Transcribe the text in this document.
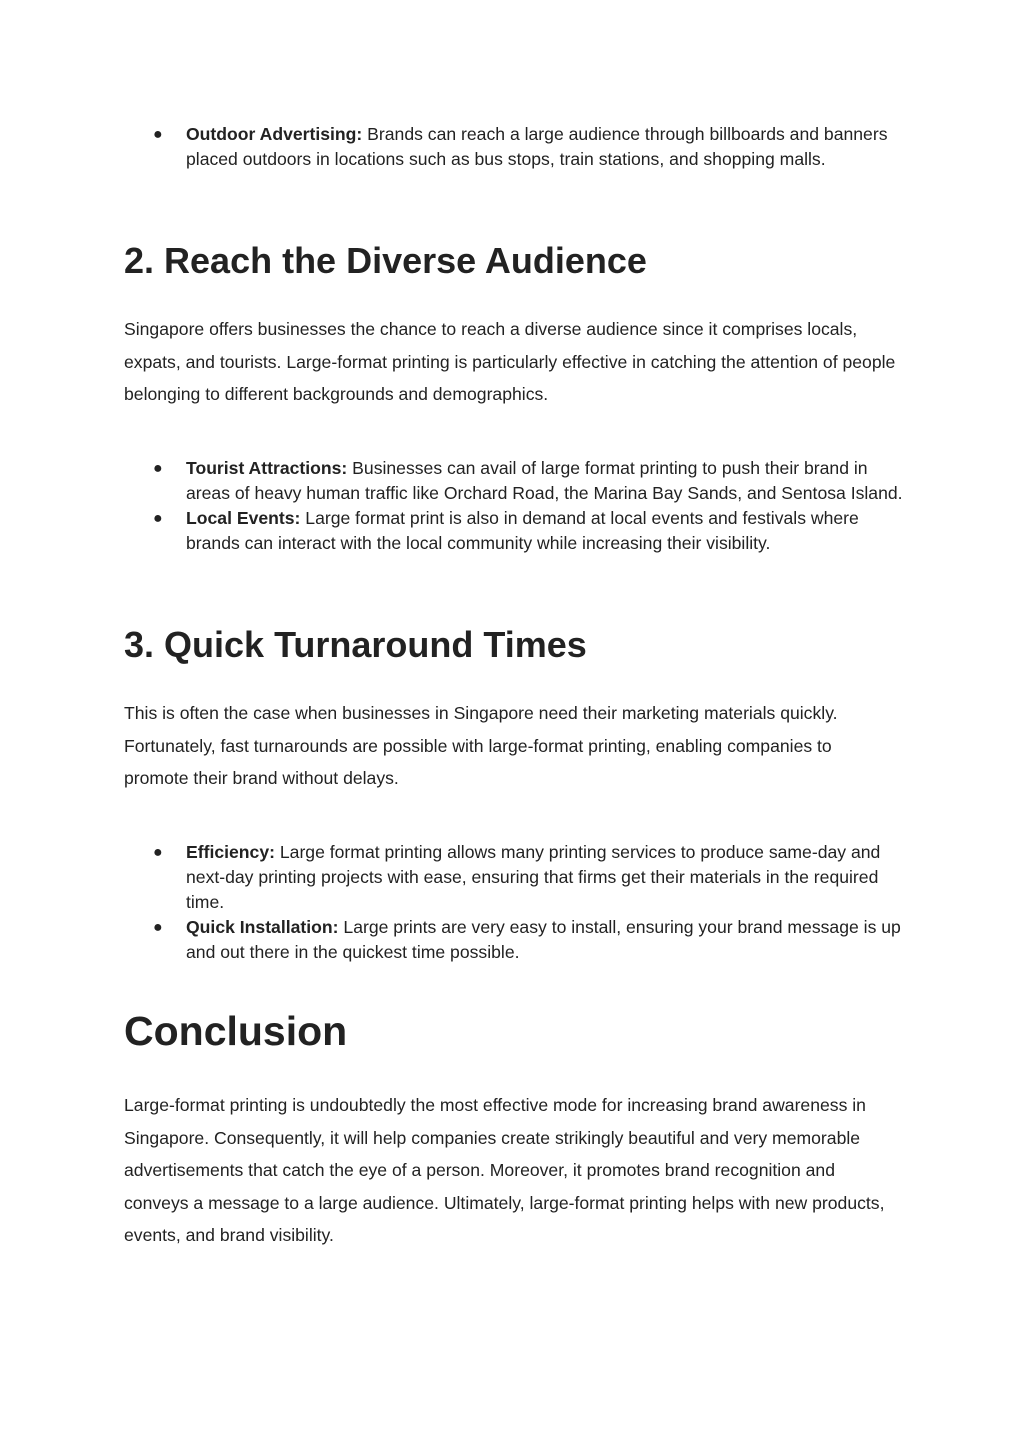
● Outdoor Advertising: Brands can reach a large audience through billboards and banners placed outdoors in locations such as bus stops, train stations, and shopping malls.
2. Reach the Diverse Audience

Singapore offers businesses the chance to reach a diverse audience since it comprises locals, expats, and tourists. Large-format printing is particularly effective in catching the attention of people belonging to different backgrounds and demographics.

● Tourist Attractions: Businesses can avail of large format printing to push their brand in areas of heavy human traffic like Orchard Road, the Marina Bay Sands, and Sentosa Island.
● Local Events: Large format print is also in demand at local events and festivals where brands can interact with the local community while increasing their visibility.
3. Quick Turnaround Times

This is often the case when businesses in Singapore need their marketing materials quickly. Fortunately, fast turnarounds are possible with large-format printing, enabling companies to promote their brand without delays.

● Efficiency: Large format printing allows many printing services to produce same-day and next-day printing projects with ease, ensuring that firms get their materials in the required time.
● Quick Installation: Large prints are very easy to install, ensuring your brand message is up and out there in the quickest time possible.
Conclusion

Large-format printing is undoubtedly the most effective mode for increasing brand awareness in Singapore. Consequently, it will help companies create strikingly beautiful and very memorable advertisements that catch the eye of a person. Moreover, it promotes brand recognition and conveys a message to a large audience. Ultimately, large-format printing helps with new products, events, and brand visibility.
